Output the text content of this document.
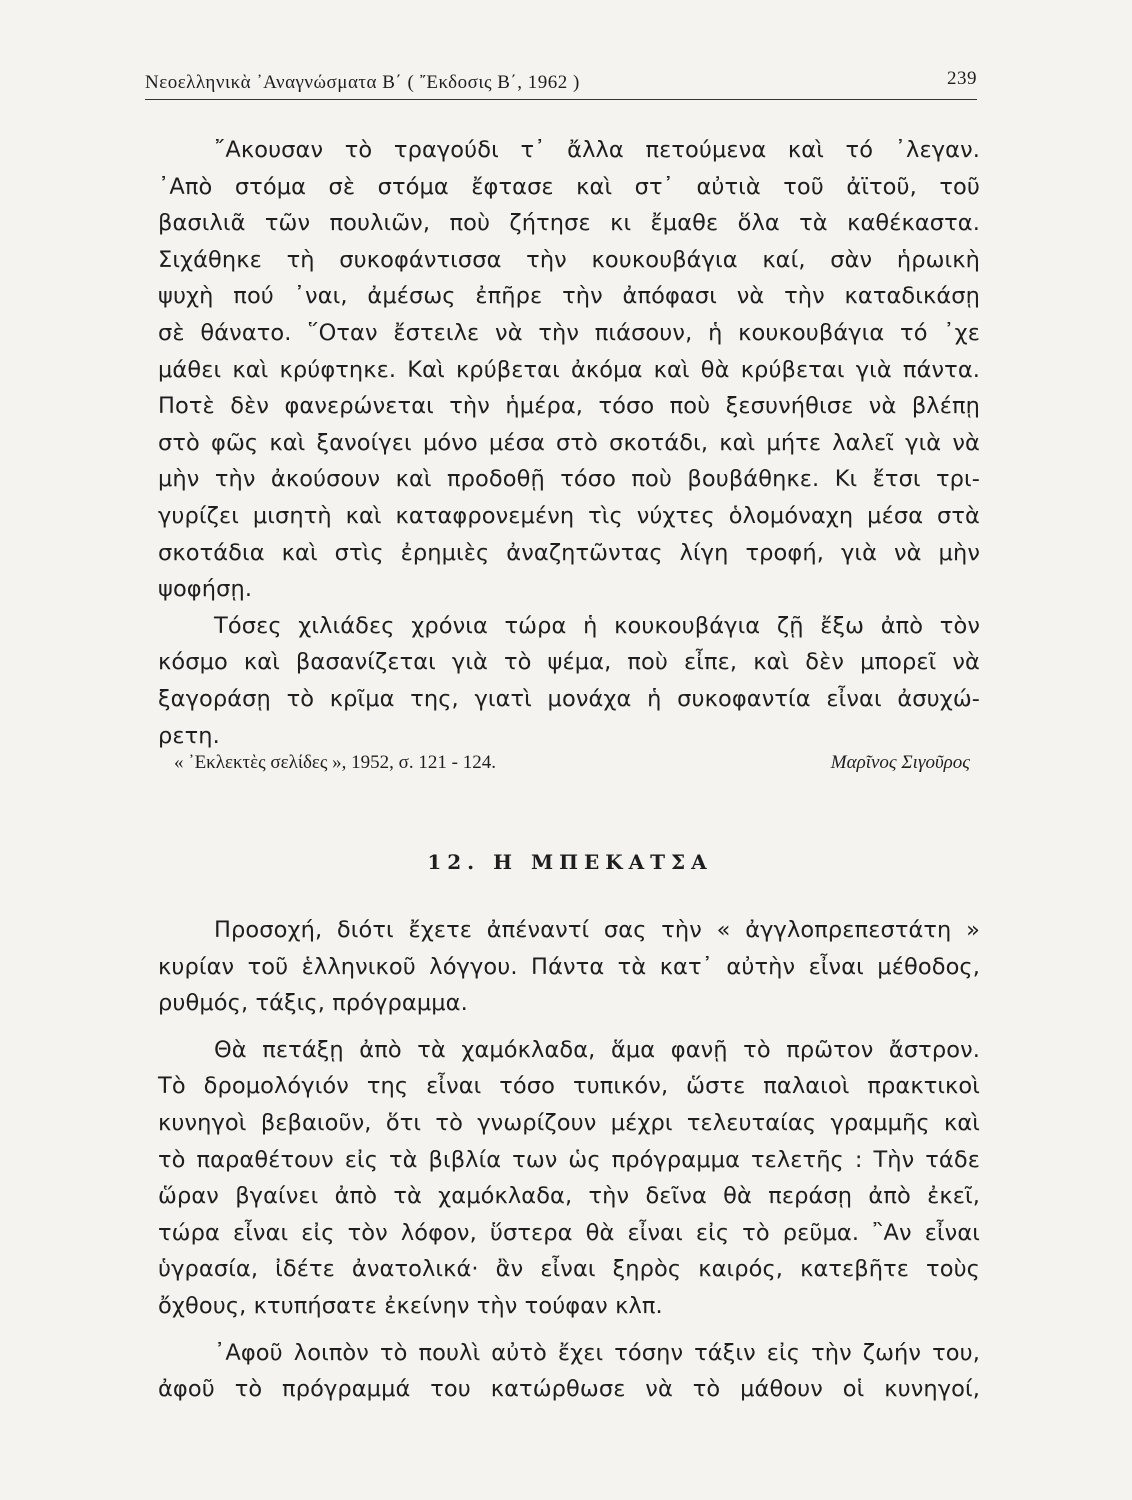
Νεοελληνικὰ ᾿Αναγνώσματα Β΄ ( ῎Εκδοσις Β΄, 1962 )	239

῎Ακουσαν τὸ τραγούδι τ᾿ ἄλλα πετούμενα καὶ τό ᾿λεγαν.
᾿Απὸ στόμα σὲ στόμα ἔφτασε καὶ στ᾿ αὐτιὰ τοῦ ἀϊτοῦ, τοῦ
βασιλιᾶ τῶν πουλιῶν, ποὺ ζήτησε κι ἔμαθε ὅλα τὰ καθέκαστα.
Σιχάθηκε τὴ συκοφάντισσα τὴν κουκουβάγια καί, σὰν ἡρωικὴ
ψυχὴ πού ᾿ναι, ἀμέσως ἐπῆρε τὴν ἀπόφασι νὰ τὴν καταδικάσῃ
σὲ θάνατο. ῞Οταν ἔστειλε νὰ τὴν πιάσουν, ἡ κουκουβάγια τό ᾿χε
μάθει καὶ κρύφτηκε. Καὶ κρύβεται ἀκόμα καὶ θὰ κρύβεται γιὰ πάντα.
Ποτὲ δὲν φανερώνεται τὴν ἡμέρα, τόσο ποὺ ξεσυνήθισε νὰ βλέπῃ
στὸ φῶς καὶ ξανοίγει μόνο μέσα στὸ σκοτάδι, καὶ μήτε λαλεῖ γιὰ νὰ
μὴν τὴν ἀκούσουν καὶ προδοθῇ τόσο ποὺ βουβάθηκε. Κι ἔτσι τρι-
γυρίζει μισητὴ καὶ καταφρονεμένη τὶς νύχτες ὁλομόναχη μέσα στὰ
σκοτάδια καὶ στὶς ἐρημιὲς ἀναζητῶντας λίγη τροφή, γιὰ νὰ μὴν
ψοφήσῃ.

Τόσες χιλιάδες χρόνια τώρα ἡ κουκουβάγια ζῇ ἔξω ἀπὸ τὸν
κόσμο καὶ βασανίζεται γιὰ τὸ ψέμα, ποὺ εἶπε, καὶ δὲν μπορεῖ νὰ
ξαγοράσῃ τὸ κρῖμα της, γιατὶ μονάχα ἡ συκοφαντία εἶναι ἀσυχώ-
ρετη.

« ᾿Εκλεκτὲς σελίδες », 1952, σ. 121 - 124.	Μαρῖνος Σιγοῦρος
12. Η ΜΠΕΚΑΤΣΑ

Προσοχή, διότι ἔχετε ἀπέναντί σας τὴν « ἀγγλοπρεπεστάτη »
κυρίαν τοῦ ἑλληνικοῦ λόγγου. Πάντα τὰ κατ᾿ αὐτὴν εἶναι μέθοδος,
ρυθμός, τάξις, πρόγραμμα.

Θὰ πετάξῃ ἀπὸ τὰ χαμόκλαδα, ἅμα φανῇ τὸ πρῶτον ἄστρον.
Τὸ δρομολόγιόν της εἶναι τόσο τυπικόν, ὥστε παλαιοὶ πρακτικοὶ
κυνηγοὶ βεβαιοῦν, ὅτι τὸ γνωρίζουν μέχρι τελευταίας γραμμῆς καὶ
τὸ παραθέτουν εἰς τὰ βιβλία των ὡς πρόγραμμα τελετῆς : Τὴν τάδε
ὥραν βγαίνει ἀπὸ τὰ χαμόκλαδα, τὴν δεῖνα θὰ περάσῃ ἀπὸ ἐκεῖ,
τώρα εἶναι εἰς τὸν λόφον, ὕστερα θὰ εἶναι εἰς τὸ ρεῦμα. ῍Αν εἶναι
ὑγρασία, ἰδέτε ἀνατολικά· ἂν εἶναι ξηρὸς καιρός, κατεβῆτε τοὺς
ὄχθους, κτυπήσατε ἐκείνην τὴν τούφαν κλπ.

᾿Αφοῦ λοιπὸν τὸ πουλὶ αὐτὸ ἔχει τόσην τάξιν εἰς τὴν ζωήν του,
ἀφοῦ τὸ πρόγραμμά του κατώρθωσε νὰ τὸ μάθουν οἱ κυνηγοί,
